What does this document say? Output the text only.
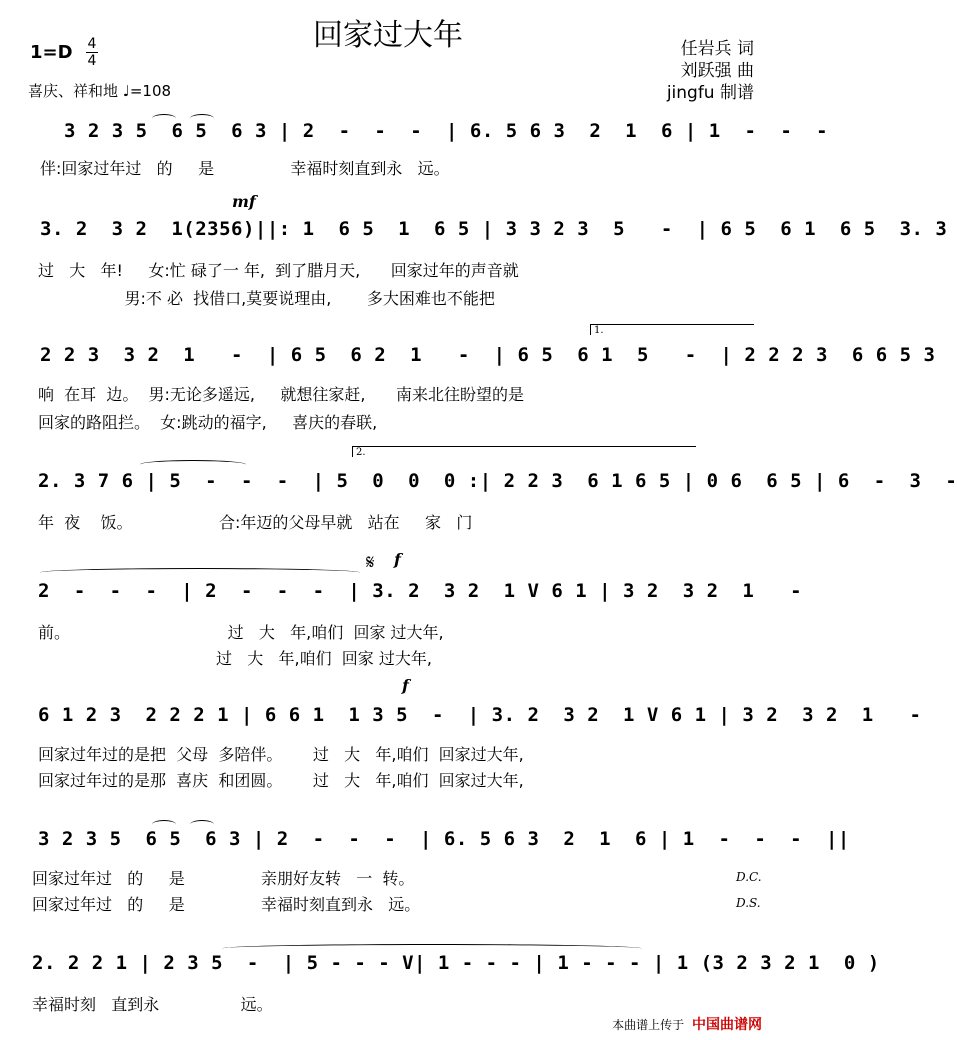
回家过大年	任岩兵 词
刘跃强 曲
jingfu 制谱
1=D 4
4
喜庆、祥和地 ♩=108
3 2 3 5  6 5  6 3 | 2  -  -  -  | 6. 5 6 3  2  1  6 | 1  -  -  -
伴:回家过年过   的     是               幸福时刻直到永   远。
mf
3. 2  3 2  1(2356)||: 1  6 5  1  6 5 | 3 3 2 3  5   -  | 6 5  6 1  6 5  3. 3
过   大   年!     女:忙 碌了一 年,  到了腊月天,      回家过年的声音就
男:不 必  找借口,莫要说理由,       多大困难也不能把
1.
2 2 3  3 2  1   -  | 6 5  6 2  1   -  | 6 5  6 1  5   -  | 2 2 2 3  6 6 5 3
响  在耳  边。  男:无论多遥远,     就想往家赶,      南来北往盼望的是
回家的路阻拦。  女:跳动的福字,     喜庆的春联,
2.
2. 3 7 6 | 5  -  -  -  | 5  0  0  0 :| 2 2 3  6 1 6 5 | 0 6  6 5 | 6  -  3  -
年  夜    饭。                 合:年迈的父母早就   站在     家   门
𝄋 f
2  -  -  -  | 2  -  -  -  | 3. 2  3 2  1 V 6 1 | 3 2  3 2  1   -
前。                               过   大   年,咱们  回家 过大年,
过   大   年,咱们  回家 过大年,
f
6 1 2 3  2 2 2 1 | 6 6 1  1 3 5  -  | 3. 2  3 2  1 V 6 1 | 3 2  3 2  1   -
回家过年过的是把  父母  多陪伴。      过   大   年,咱们  回家过大年,
回家过年过的是那  喜庆  和团圆。      过   大   年,咱们  回家过大年,
3 2 3 5  6 5  6 3 | 2  -  -  -  | 6. 5 6 3  2  1  6 | 1  -  -  -  ||
回家过年过   的     是               亲朋好友转   一  转。
回家过年过   的     是               幸福时刻直到永   远。
D.C.
D.S.
2. 2 2 1 | 2 3 5  -  | 5 - - - V| 1 - - - | 1 - - - | 1 (3 2 3 2 1  0 )
幸福时刻   直到永                远。
本曲谱上传于 中国曲谱网
